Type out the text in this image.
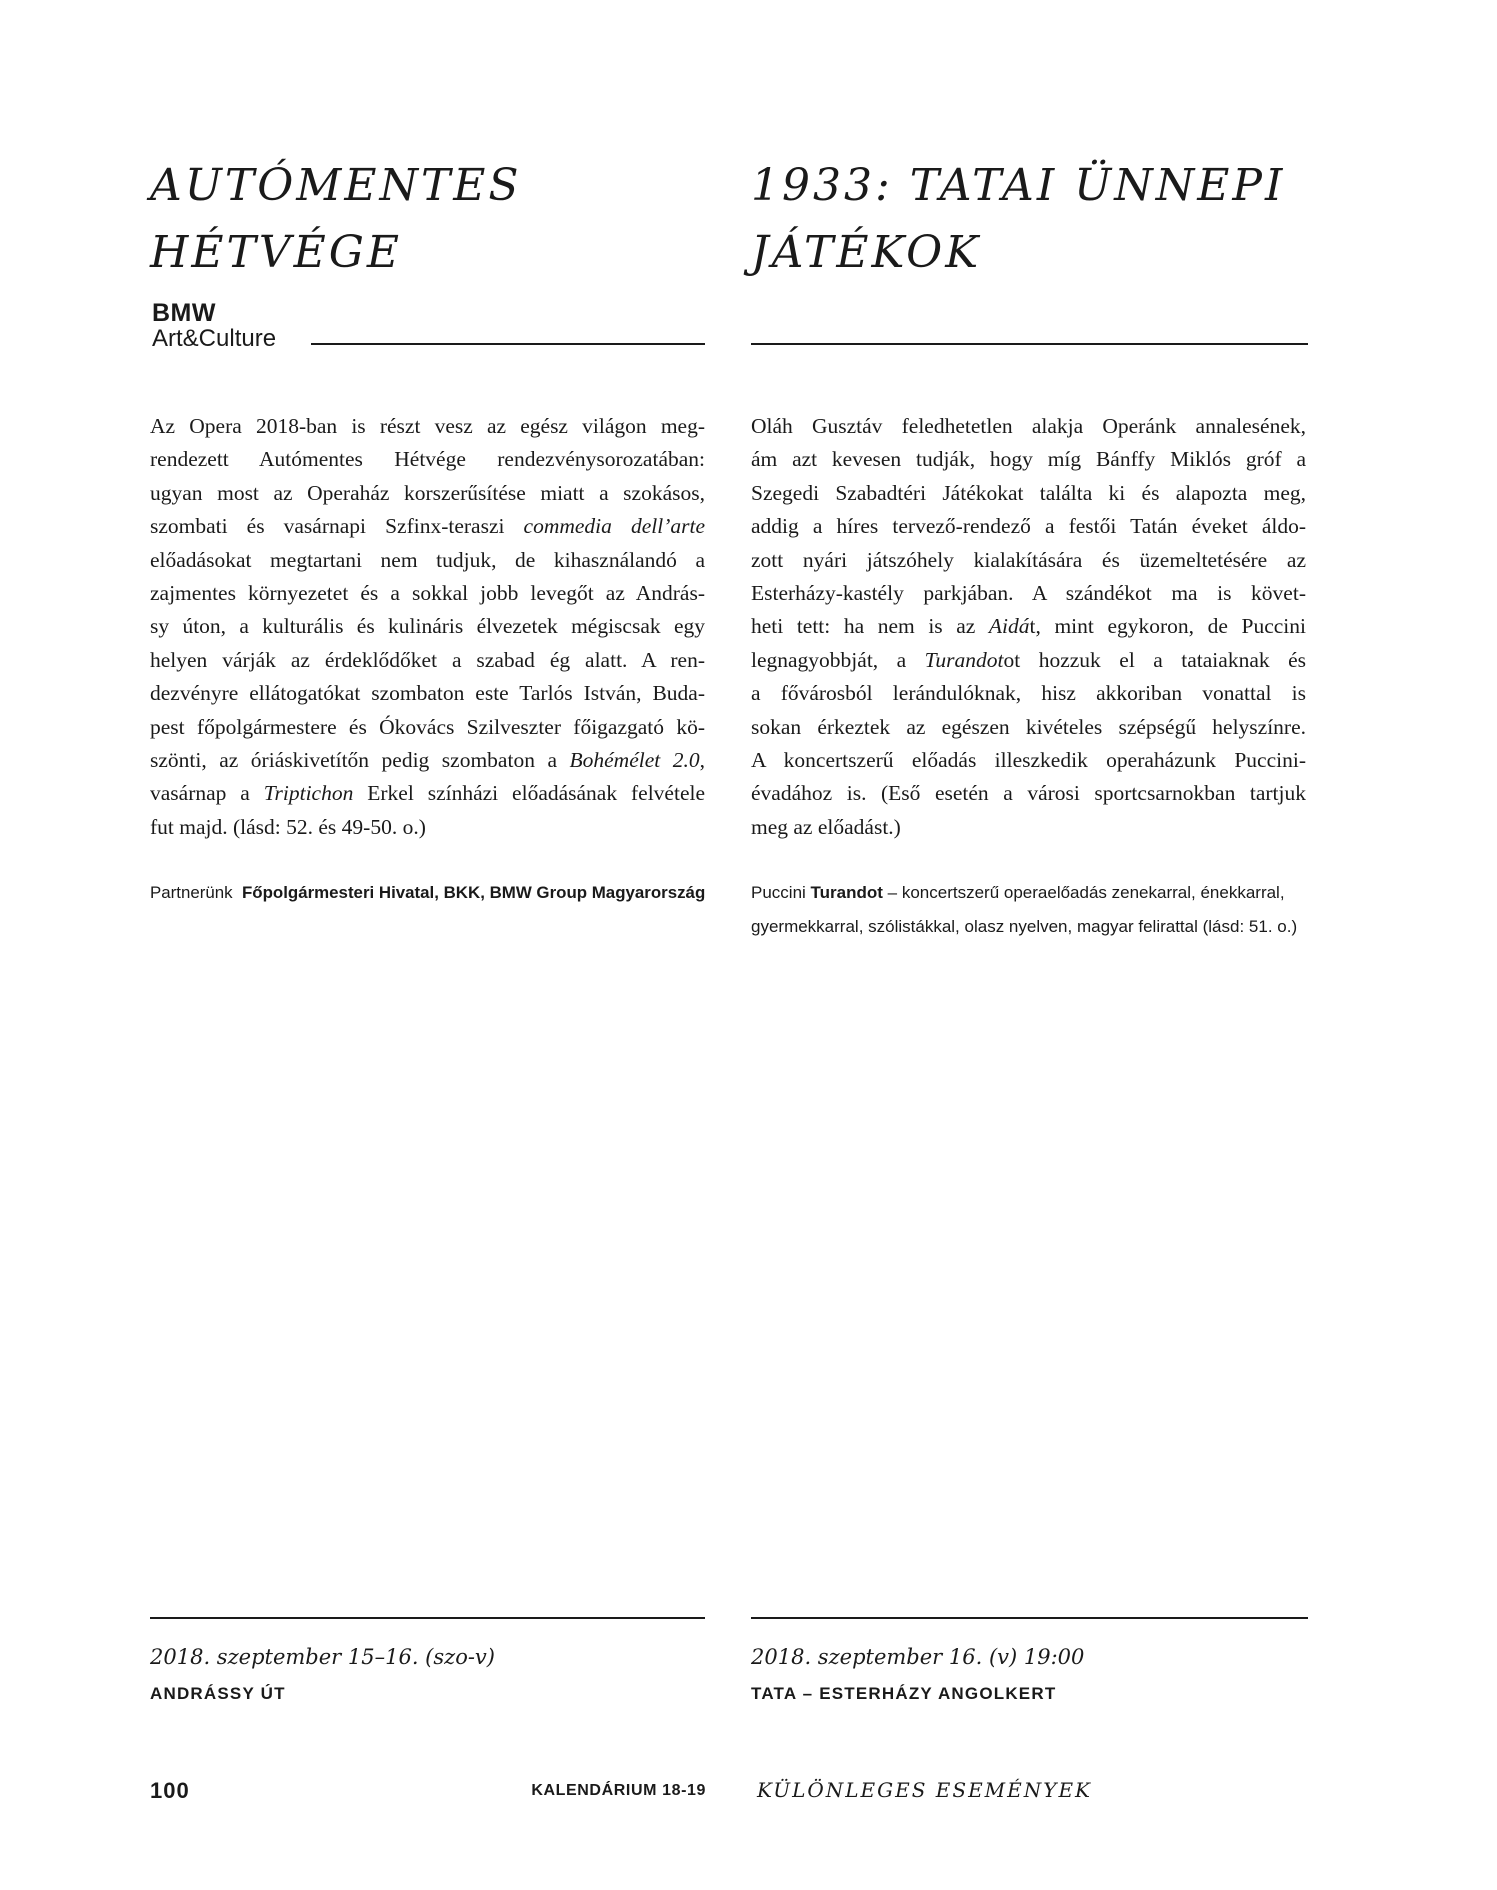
AUTÓMENTES
HÉTVÉGE
BMW
Art&Culture
Az Opera 2018-ban is részt vesz az egész világon meg-
rendezett Autómentes Hétvége rendezvénysorozatában:
ugyan most az Operaház korszerűsítése miatt a szokásos,
szombati és vasárnapi Szfinx-teraszi commedia dell’arte
előadásokat megtartani nem tudjuk, de kihasználandó a
zajmentes környezetet és a sokkal jobb levegőt az András-
sy úton, a kulturális és kulináris élvezetek mégiscsak egy
helyen várják az érdeklődőket a szabad ég alatt. A ren-
dezvényre ellátogatókat szombaton este Tarlós István, Buda-
pest főpolgármestere és Ókovács Szilveszter főigazgató kö-
szönti, az óriáskivetítőn pedig szombaton a Bohémélet 2.0,
vasárnap a Triptichon Erkel színházi előadásának felvétele
fut majd. (lásd: 52. és 49-50. o.)
Partnerünk Főpolgármesteri Hivatal, BKK, BMW Group Magyarország
2018. szeptember 15–16. (szo-v)
ANDRÁSSY ÚT
1933: TATAI ÜNNEPI
JÁTÉKOK
Oláh Gusztáv feledhetetlen alakja Operánk annalesének,
ám azt kevesen tudják, hogy míg Bánffy Miklós gróf a
Szegedi Szabadtéri Játékokat találta ki és alapozta meg,
addig a híres tervező-rendező a festői Tatán éveket áldo-
zott nyári játszóhely kialakítására és üzemeltetésére az
Esterházy-kastély parkjában. A szándékot ma is követ-
heti tett: ha nem is az Aidát, mint egykoron, de Puccini
legnagyobbját, a Turandotot hozzuk el a tataiaknak és
a fővárosból lerándulóknak, hisz akkoriban vonattal is
sokan érkeztek az egészen kivételes szépségű helyszínre.
A koncertszerű előadás illeszkedik operaházunk Puccini-
évadához is. (Eső esetén a városi sportcsarnokban tartjuk
meg az előadást.)
Puccini Turandot – koncertszerű operaelőadás zenekarral, énekkarral,
gyermekkarral, szólistákkal, olasz nyelven, magyar felirattal (lásd: 51. o.)
2018. szeptember 16. (v) 19:00
TATA – ESTERHÁZY ANGOLKERT
100	KALENDÁRIUM 18-19	KÜLÖNLEGES ESEMÉNYEK
